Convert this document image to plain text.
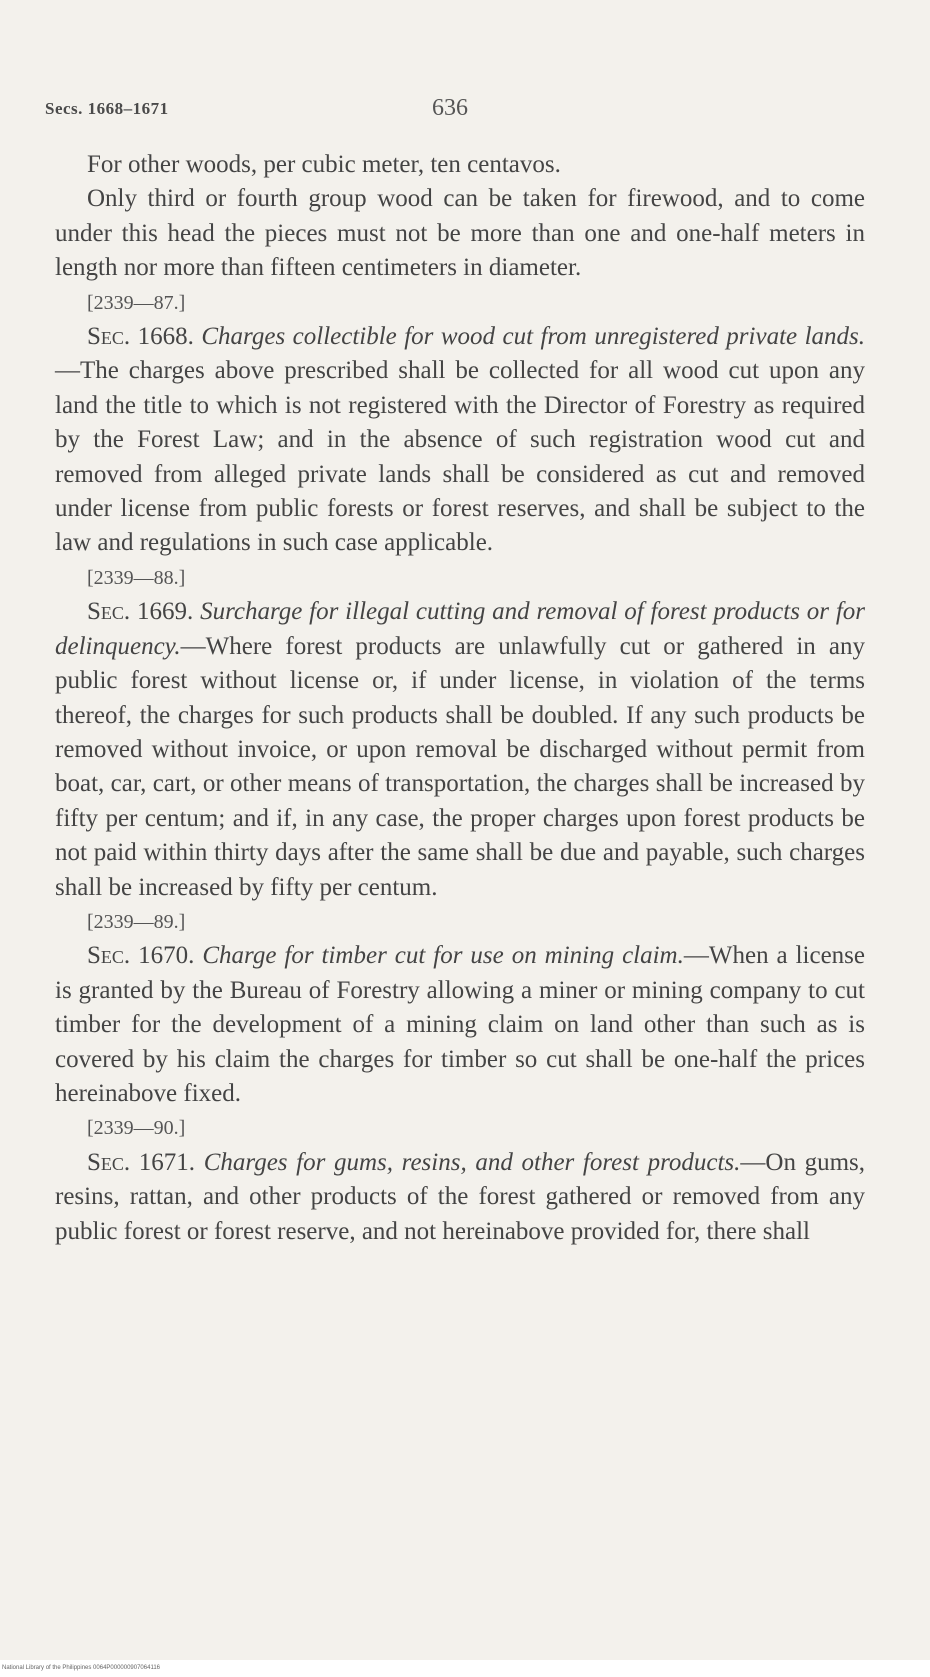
Secs. 1668–1671	636

For other woods, per cubic meter, ten centavos.

Only third or fourth group wood can be taken for firewood, and to come under this head the pieces must not be more than one and one-half meters in length nor more than fifteen centimeters in diameter.

[2339—87.]

Sec. 1668. Charges collectible for wood cut from unregistered private lands.—The charges above prescribed shall be collected for all wood cut upon any land the title to which is not registered with the Director of Forestry as required by the Forest Law; and in the absence of such registration wood cut and removed from alleged private lands shall be considered as cut and removed under license from public forests or forest reserves, and shall be subject to the law and regulations in such case applicable.

[2339—88.]

Sec. 1669. Surcharge for illegal cutting and removal of forest products or for delinquency.—Where forest products are unlawfully cut or gathered in any public forest without license or, if under license, in violation of the terms thereof, the charges for such products shall be doubled. If any such products be removed without invoice, or upon removal be discharged without permit from boat, car, cart, or other means of transportation, the charges shall be increased by fifty per centum; and if, in any case, the proper charges upon forest products be not paid within thirty days after the same shall be due and payable, such charges shall be increased by fifty per centum.

[2339—89.]

Sec. 1670. Charge for timber cut for use on mining claim.—When a license is granted by the Bureau of Forestry allowing a miner or mining company to cut timber for the development of a mining claim on land other than such as is covered by his claim the charges for timber so cut shall be one-half the prices hereinabove fixed.

[2339—90.]

Sec. 1671. Charges for gums, resins, and other forest products.—On gums, resins, rattan, and other products of the forest gathered or removed from any public forest or forest reserve, and not hereinabove provided for, there shall

National Library of the Philippines 0064P000000907064116
